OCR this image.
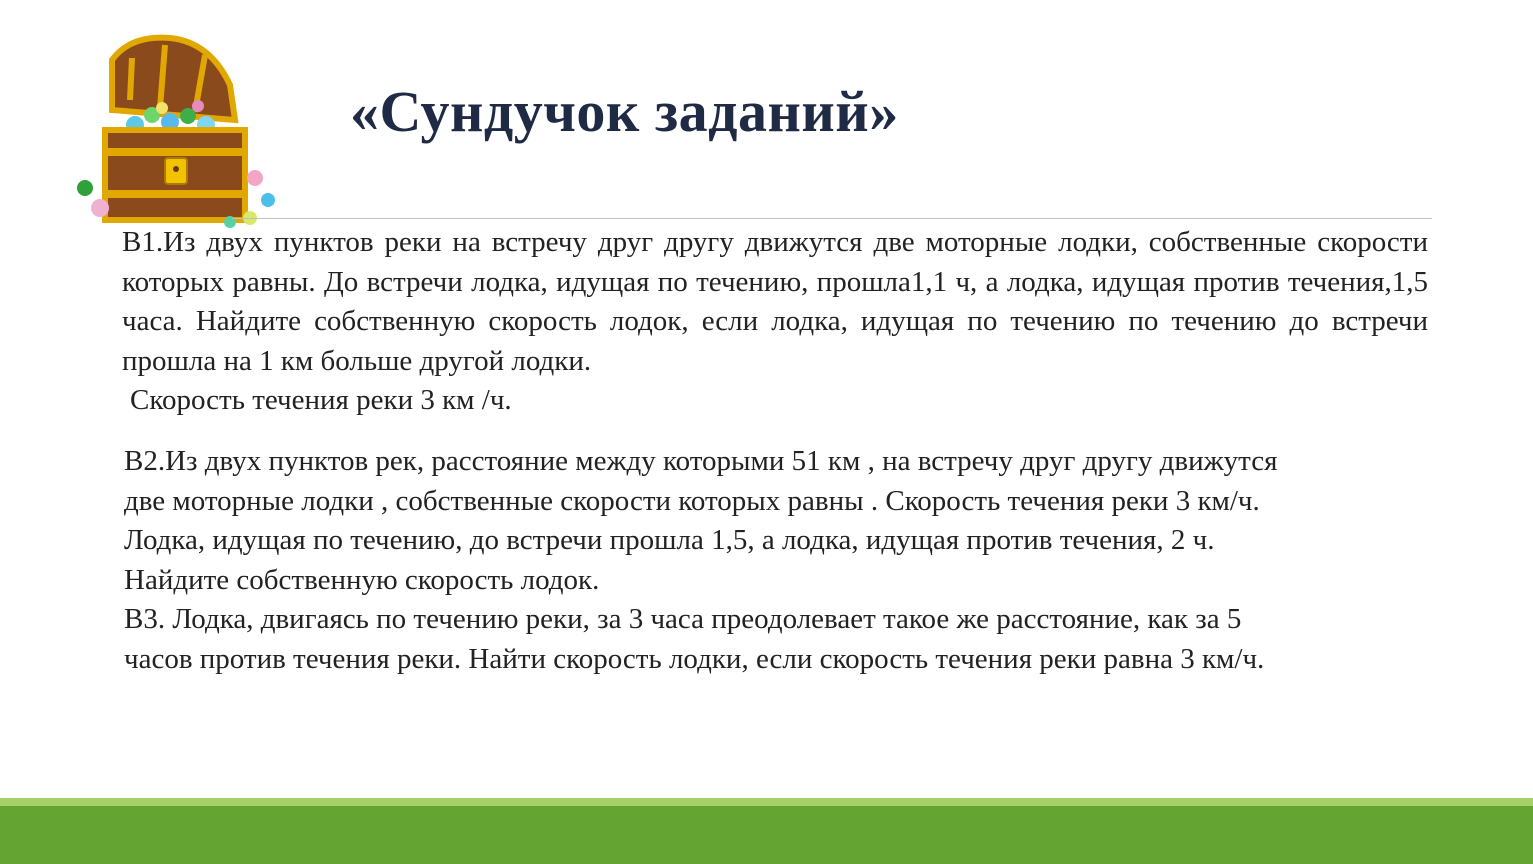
«Сундучок заданий»

В1.Из двух пунктов реки на встречу друг другу движутся две моторные лодки, собственные скорости которых равны. До встречи лодка, идущая по течению, прошла1,1 ч, а лодка, идущая против течения,1,5 часа. Найдите собственную скорость лодок, если лодка, идущая по течению по течению до встречи прошла на 1 км больше другой лодки.

Скорость течения реки 3 км /ч.

В2.Из двух пунктов рек, расстояние между которыми 51 км , на встречу друг другу движутся

две моторные лодки , собственные скорости которых равны . Скорость течения реки 3 км/ч.

Лодка, идущая по течению, до встречи прошла 1,5, а лодка, идущая против течения, 2 ч.

Найдите собственную скорость лодок.

В3. Лодка, двигаясь по течению реки, за 3 часа преодолевает такое же расстояние, как за 5

часов против течения реки. Найти скорость лодки, если скорость течения реки равна 3 км/ч.
